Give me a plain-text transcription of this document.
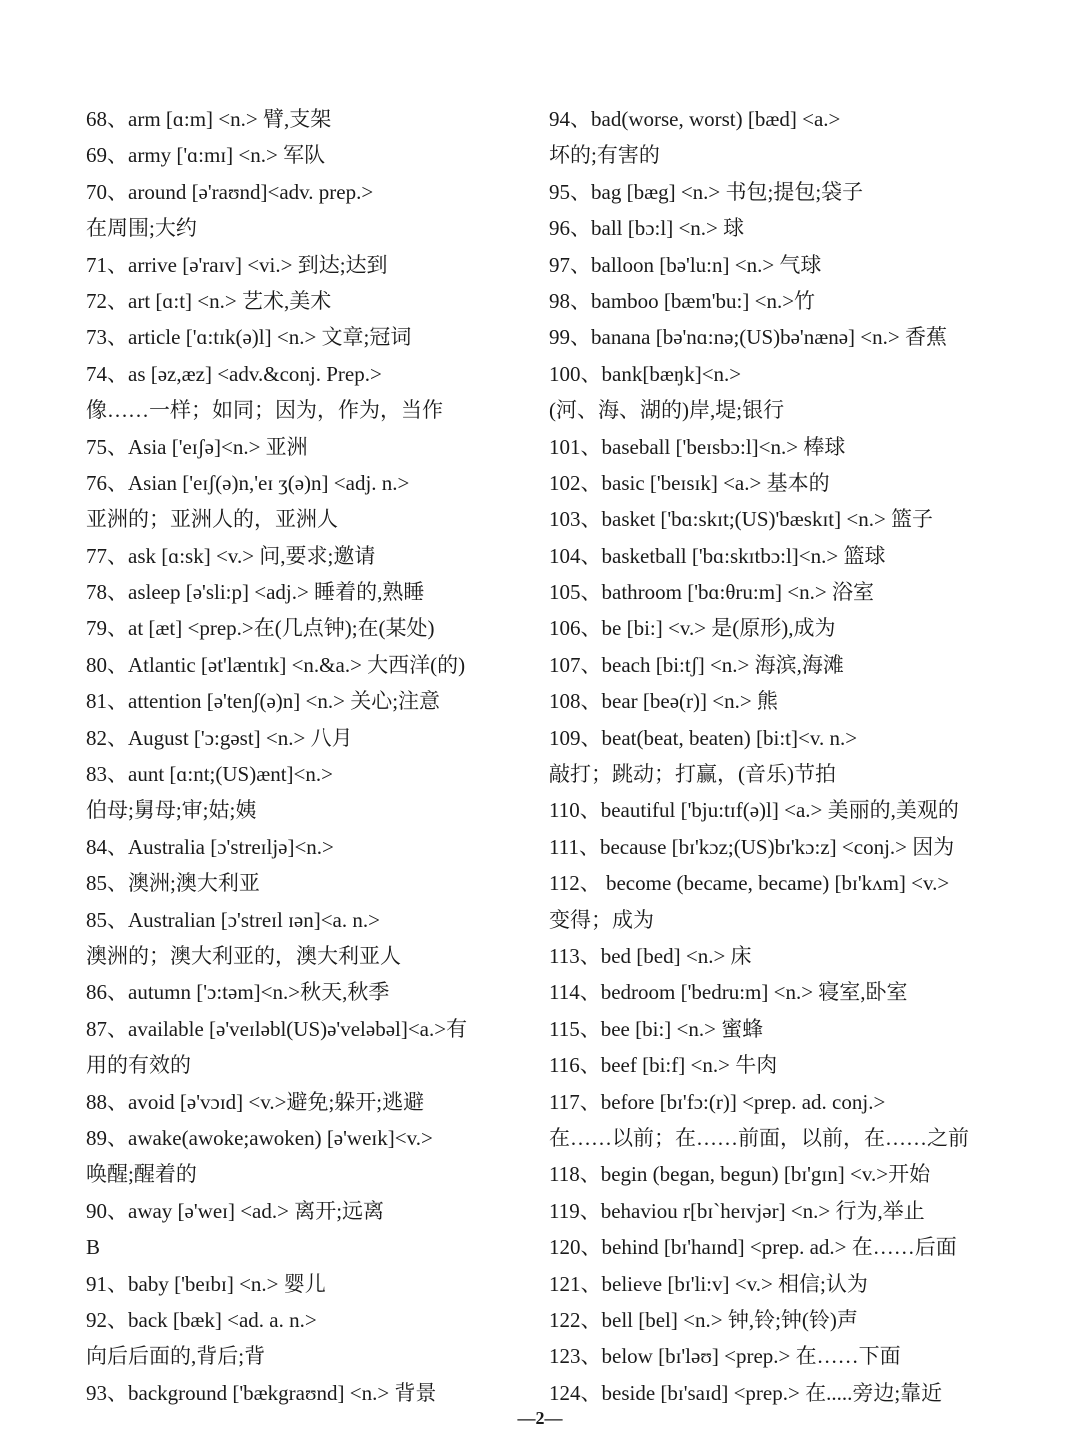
68、arm [ɑ:m] <n.> 臂,支架
69、army ['ɑ:mɪ] <n.> 军队
70、around [ə'raʊnd]<adv. prep.>
在周围;大约
71、arrive [ə'raɪv] <vi.> 到达;达到
72、art [ɑ:t] <n.> 艺术,美术
73、article ['ɑ:tɪk(ə)l] <n.> 文章;冠词
74、as [əz,æz] <adv.&conj. Prep.>
像……一样；如同；因为，作为，当作
75、Asia ['eɪʃə]<n.> 亚洲
76、Asian ['eɪʃ(ə)n,'eɪ ʒ(ə)n] <adj. n.>
亚洲的；亚洲人的，亚洲人
77、ask [ɑ:sk] <v.> 问,要求;邀请
78、asleep [ə'sli:p] <adj.> 睡着的,熟睡
79、at [æt] <prep.>在(几点钟);在(某处)
80、Atlantic [ət'læntɪk] <n.&a.> 大西洋(的)
81、attention [ə'tenʃ(ə)n] <n.> 关心;注意
82、August ['ɔ:gəst] <n.> 八月
83、aunt [ɑ:nt;(US)ænt]<n.>
伯母;舅母;审;姑;姨
84、Australia [ɔ'streɪljə]<n.>
85、澳洲;澳大利亚
85、Australian [ɔ'streɪl ɪən]<a. n.>
澳洲的；澳大利亚的，澳大利亚人
86、autumn ['ɔ:təm]<n.>秋天,秋季
87、available [ə'veɪləbl(US)ə'veləbəl]<a.>有
用的有效的
88、avoid [ə'vɔɪd] <v.>避免;躲开;逃避
89、awake(awoke;awoken) [ə'weɪk]<v.>
唤醒;醒着的
90、away [ə'weɪ] <ad.> 离开;远离
B
91、baby ['beɪbɪ] <n.> 婴儿
92、back [bæk] <ad. a. n.>
向后后面的,背后;背
93、background ['bækgraʊnd] <n.> 背景
94、bad(worse, worst) [bæd] <a.>
坏的;有害的
95、bag [bæg] <n.> 书包;提包;袋子
96、ball [bɔ:l] <n.> 球
97、balloon [bə'lu:n] <n.> 气球
98、bamboo [bæm'bu:] <n.>竹
99、banana [bə'nɑ:nə;(US)bə'nænə] <n.> 香蕉
100、bank[bæŋk]<n.>
(河、海、湖的)岸,堤;银行
101、baseball ['beɪsbɔ:l]<n.> 棒球
102、basic ['beɪsɪk] <a.> 基本的
103、basket ['bɑ:skɪt;(US)'bæskɪt] <n.> 篮子
104、basketball ['bɑ:skɪtbɔ:l]<n.> 篮球
105、bathroom ['bɑ:θru:m] <n.> 浴室
106、be [bi:] <v.> 是(原形),成为
107、beach [bi:tʃ] <n.> 海滨,海滩
108、bear [beə(r)] <n.> 熊
109、beat(beat, beaten) [bi:t]<v. n.>
敲打；跳动；打赢，(音乐)节拍
110、beautiful ['bju:tɪf(ə)l] <a.> 美丽的,美观的
111、because [bɪ'kɔz;(US)bɪ'kɔ:z] <conj.> 因为
112、 become (became, became) [bɪ'kʌm] <v.>
变得；成为
113、bed [bed] <n.> 床
114、bedroom ['bedru:m] <n.> 寝室,卧室
115、bee [bi:] <n.> 蜜蜂
116、beef [bi:f] <n.> 牛肉
117、before [bɪ'fɔ:(r)] <prep. ad. conj.>
在……以前；在……前面，以前，在……之前
118、begin (began, begun) [bɪ'gɪn] <v.>开始
119、behaviou r[bɪ`heɪvjər] <n.> 行为,举止
120、behind [bɪ'haɪnd] <prep. ad.> 在……后面
121、believe [bɪ'li:v] <v.> 相信;认为
122、bell [bel] <n.> 钟,铃;钟(铃)声
123、below [bɪ'ləʊ] <prep.> 在……下面
124、beside [bɪ'saɪd] <prep.> 在.....旁边;靠近
—2—
